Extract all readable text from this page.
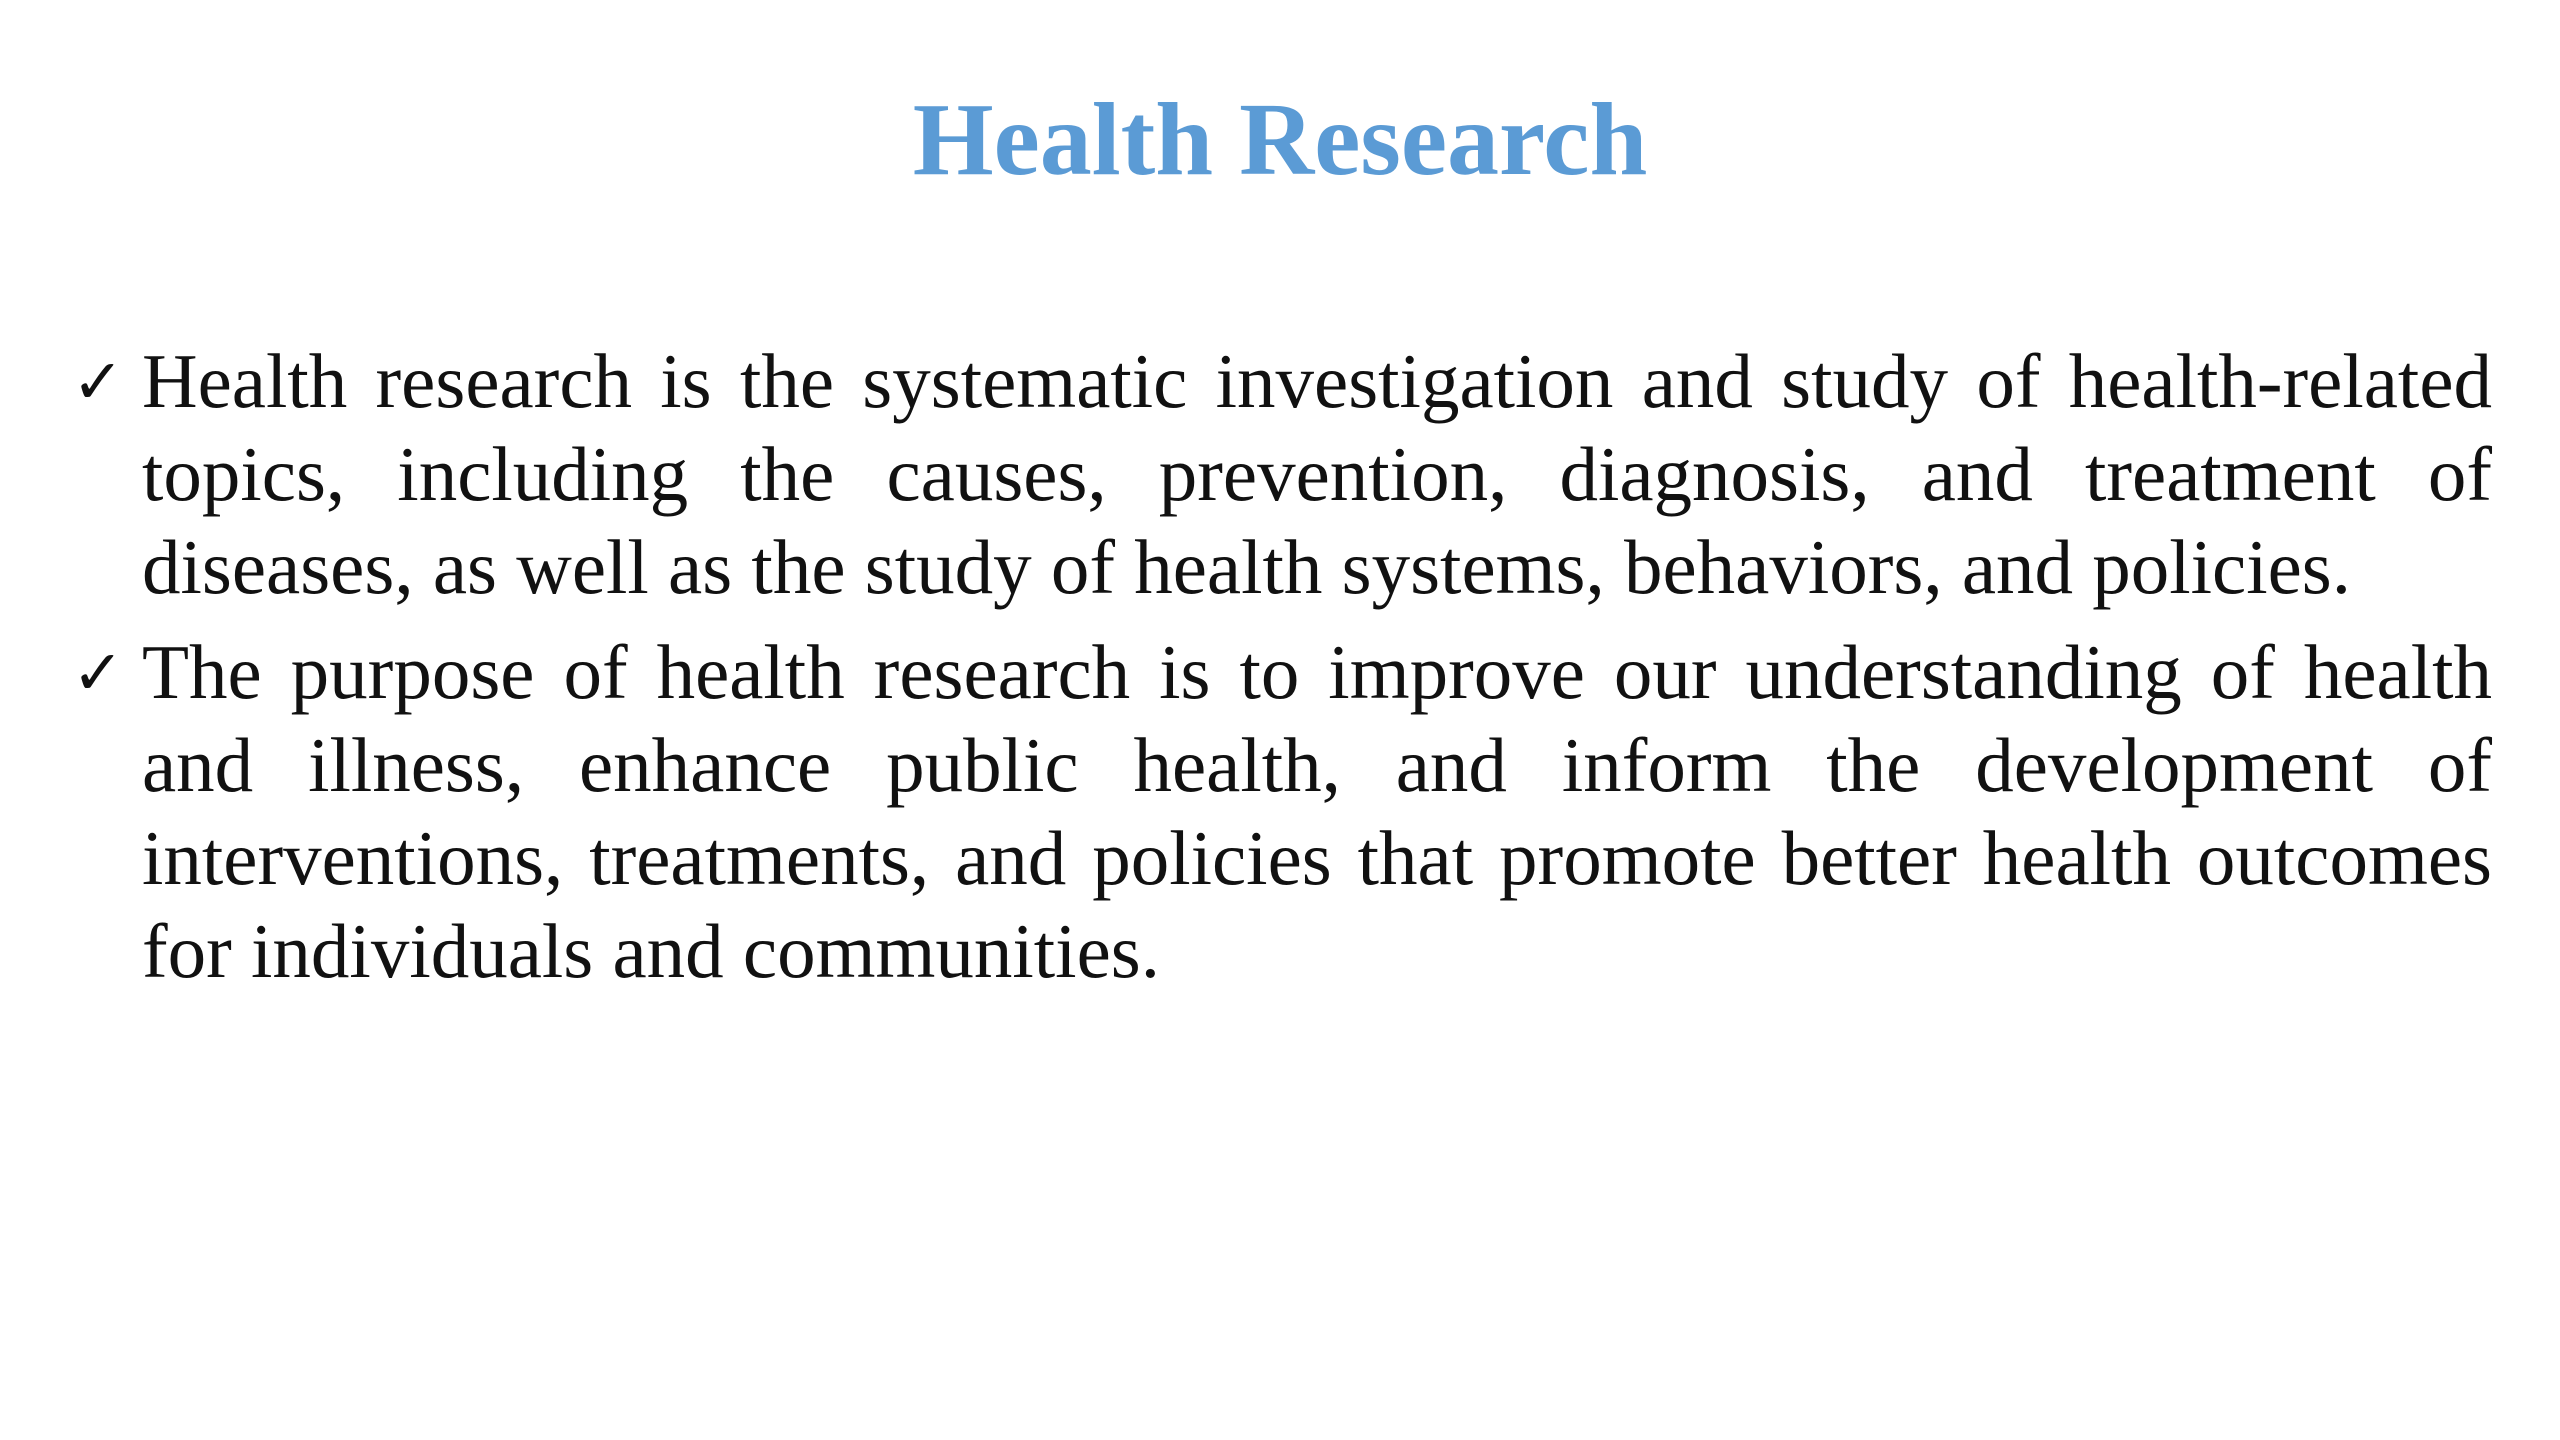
Health Research
✓ Health research is the systematic investigation and study of health-related topics, including the causes, prevention, diagnosis, and treatment of diseases, as well as the study of health systems, behaviors, and policies.
✓ The purpose of health research is to improve our understanding of health and illness, enhance public health, and inform the development of interventions, treatments, and policies that promote better health outcomes for individuals and communities.
